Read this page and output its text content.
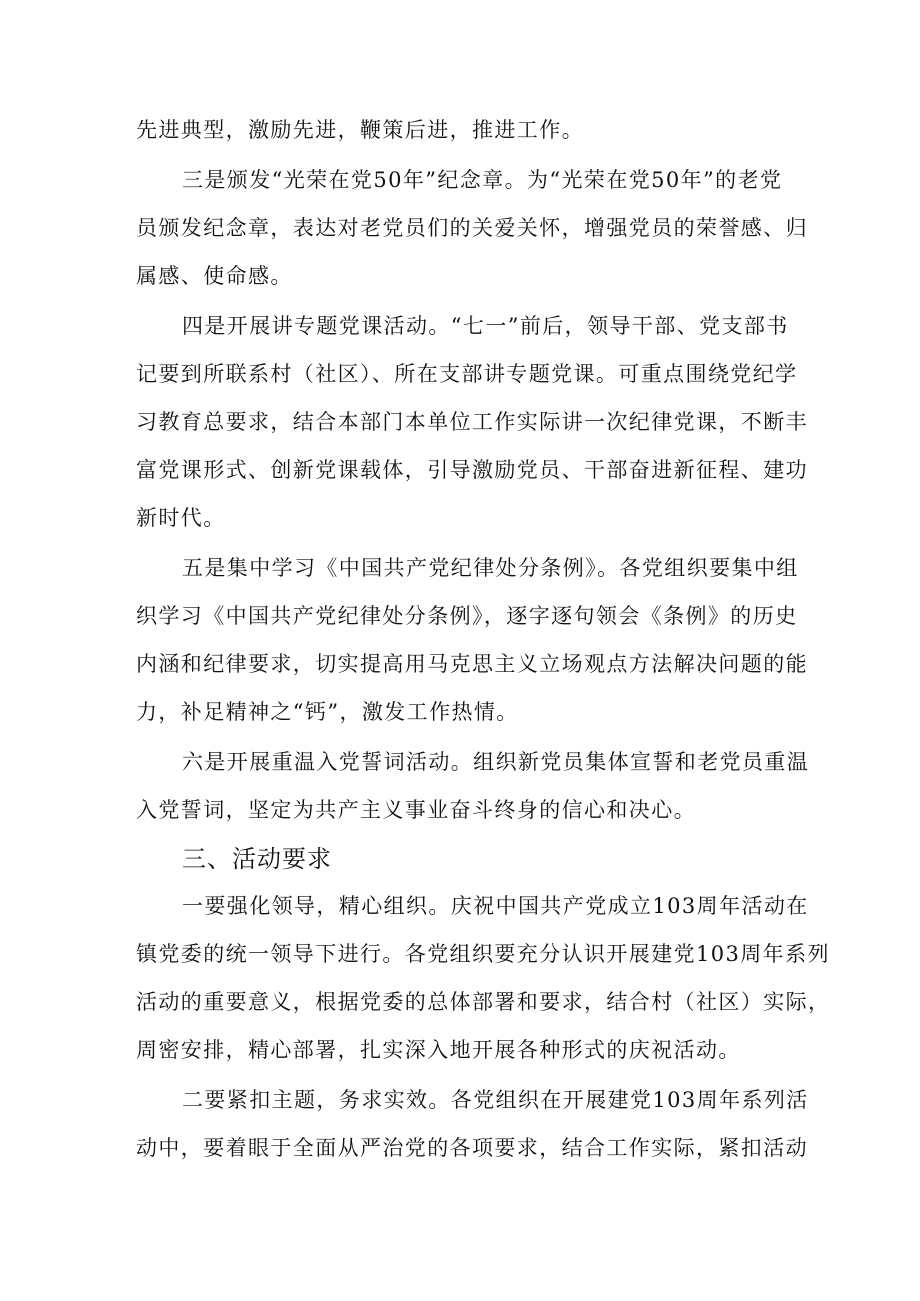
先进典型，激励先进，鞭策后进，推进工作。
三是颁发“光荣在党50年”纪念章。为“光荣在党50年”的老党
员颁发纪念章，表达对老党员们的关爱关怀，增强党员的荣誉感、归
属感、使命感。
四是开展讲专题党课活动。“七一”前后，领导干部、党支部书
记要到所联系村（社区）、所在支部讲专题党课。可重点围绕党纪学
习教育总要求，结合本部门本单位工作实际讲一次纪律党课，不断丰
富党课形式、创新党课载体，引导激励党员、干部奋进新征程、建功
新时代。
五是集中学习《中国共产党纪律处分条例》。各党组织要集中组
织学习《中国共产党纪律处分条例》，逐字逐句领会《条例》的历史
内涵和纪律要求，切实提高用马克思主义立场观点方法解决问题的能
力，补足精神之“钙”，激发工作热情。
六是开展重温入党誓词活动。组织新党员集体宣誓和老党员重温
入党誓词，坚定为共产主义事业奋斗终身的信心和决心。
三、活动要求
一要强化领导，精心组织。庆祝中国共产党成立103周年活动在
镇党委的统一领导下进行。各党组织要充分认识开展建党103周年系列
活动的重要意义，根据党委的总体部署和要求，结合村（社区）实际，
周密安排，精心部署，扎实深入地开展各种形式的庆祝活动。
二要紧扣主题，务求实效。各党组织在开展建党103周年系列活
动中，要着眼于全面从严治党的各项要求，结合工作实际，紧扣活动
